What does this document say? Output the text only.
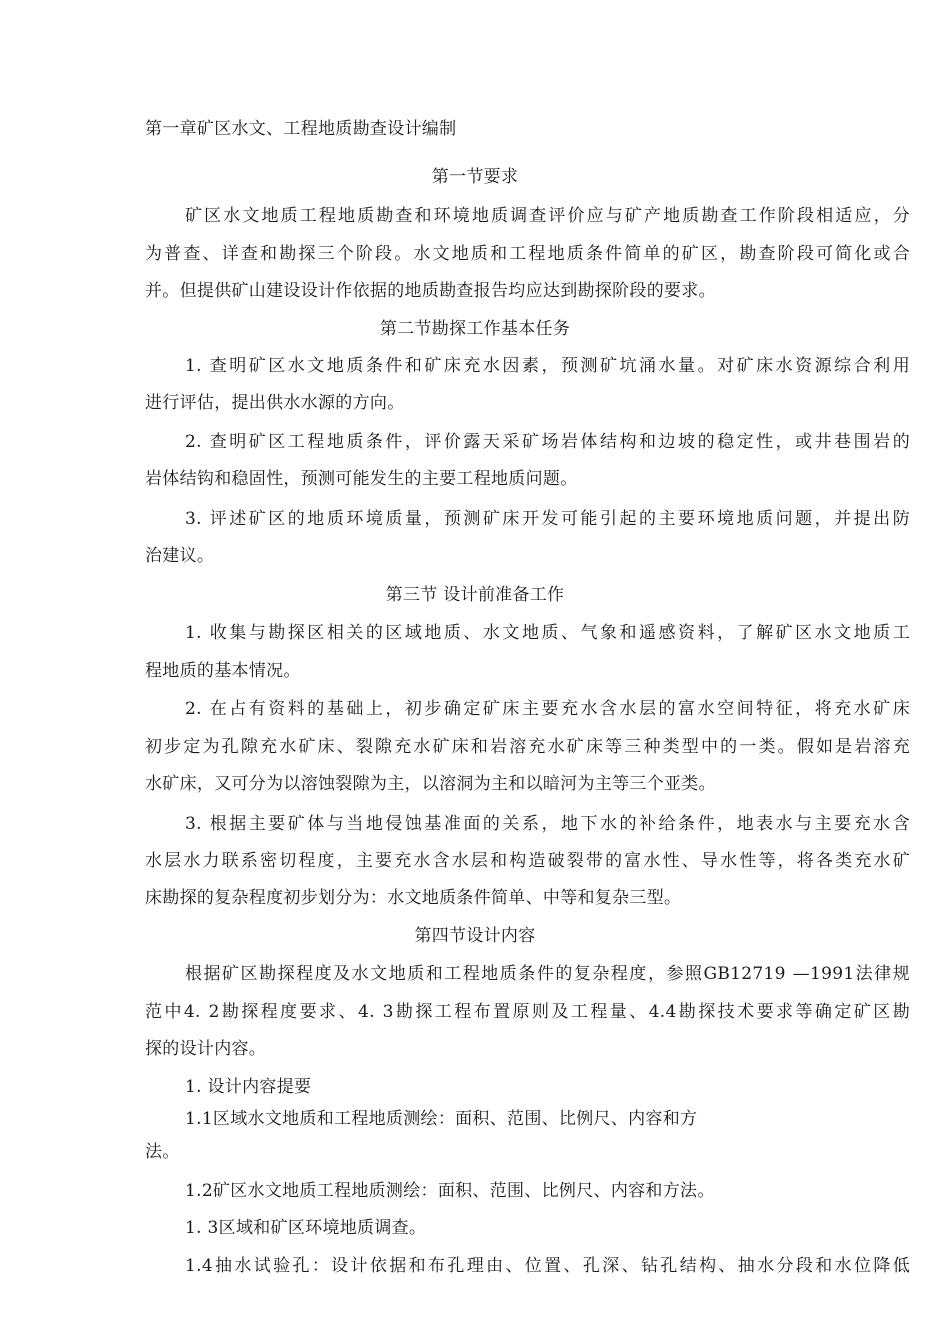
第一章矿区水文、工程地质勘查设计编制
第一节要求
矿区水文地质工程地质勘查和环境地质调查评价应与矿产地质勘查工作阶段相适应，分
为普查、详查和勘探三个阶段。水文地质和工程地质条件简单的矿区，勘查阶段可简化或合
并。但提供矿山建设设计作依据的地质勘查报告均应达到勘探阶段的要求。
第二节勘探工作基本任务
1. 查明矿区水文地质条件和矿床充水因素，预测矿坑涌水量。对矿床水资源综合利用
进行评估，提出供水水源的方向。
2. 查明矿区工程地质条件，评价露天采矿场岩体结构和边坡的稳定性，或井巷围岩的
岩体结钩和稳固性，预测可能发生的主要工程地质问题。
3. 评述矿区的地质环境质量，预测矿床开发可能引起的主要环境地质问题，并提出防
治建议。
第三节 设计前准备工作
1. 收集与勘探区相关的区域地质、水文地质、气象和遥感资料，了解矿区水文地质工
程地质的基本情况。
2. 在占有资料的基础上，初步确定矿床主要充水含水层的富水空间特征，将充水矿床
初步定为孔隙充水矿床、裂隙充水矿床和岩溶充水矿床等三种类型中的一类。假如是岩溶充
水矿床，又可分为以溶蚀裂隙为主，以溶洞为主和以暗河为主等三个亚类。
3. 根据主要矿体与当地侵蚀基准面的关系，地下水的补给条件，地表水与主要充水含
水层水力联系密切程度，主要充水含水层和构造破裂带的富水性、导水性等，将各类充水矿
床勘探的复杂程度初步划分为：水文地质条件简单、中等和复杂三型。
第四节设计内容
根据矿区勘探程度及水文地质和工程地质条件的复杂程度，参照GB12719 —1991法律规
范中4. 2勘探程度要求、4. 3勘探工程布置原则及工程量、4.4勘探技术要求等确定矿区勘
探的设计内容。
1. 设计内容提要
1.1区域水文地质和工程地质测绘：面积、范围、比例尺、内容和方
法。
1.2矿区水文地质工程地质测绘：面积、范围、比例尺、内容和方法。
1. 3区域和矿区环境地质调查。
1.4抽水试验孔：设计依据和布孔理由、位置、孔深、钻孔结构、抽水分段和水位降低
